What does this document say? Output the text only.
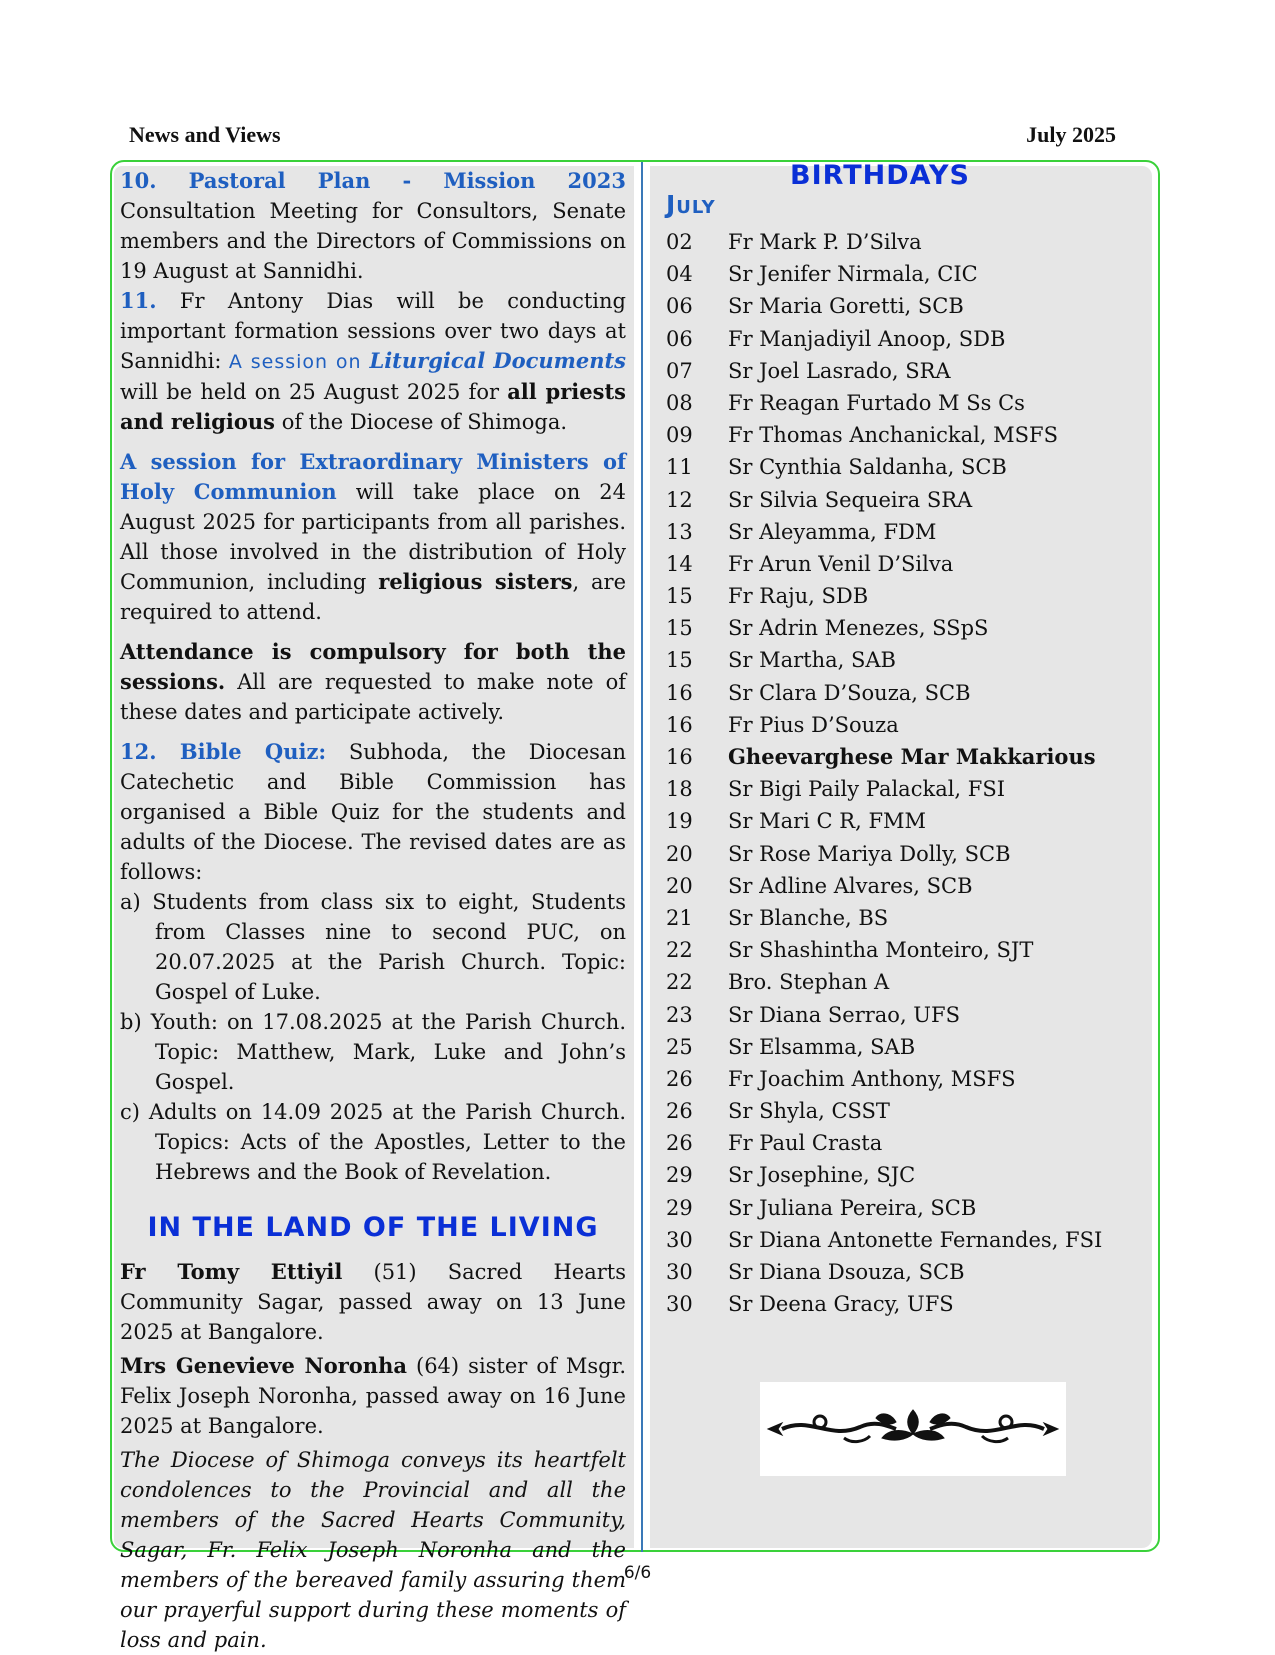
News and Views	July 2025

10. Pastoral Plan - Mission 2023 Consultation Meeting for Consultors, Senate members and the Directors of Commissions on 19 August at Sannidhi.

11. Fr Antony Dias will be conducting important formation sessions over two days at Sannidhi: A session on Liturgical Documents will be held on 25 August 2025 for all priests and religious of the Diocese of Shimoga.

A session for Extraordinary Ministers of Holy Communion will take place on 24 August 2025 for participants from all parishes. All those involved in the distribution of Holy Communion, including religious sisters, are required to attend.

Attendance is compulsory for both the sessions. All are requested to make note of these dates and participate actively.

12. Bible Quiz: Subhoda, the Diocesan Catechetic and Bible Commission has organised a Bible Quiz for the students and adults of the Diocese. The revised dates are as follows:

a) Students from class six to eight, Students from Classes nine to second PUC, on 20.07.2025 at the Parish Church. Topic: Gospel of Luke.
b) Youth: on 17.08.2025 at the Parish Church. Topic: Matthew, Mark, Luke and John’s Gospel.
c) Adults on 14.09 2025 at the Parish Church. Topics: Acts of the Apostles, Letter to the Hebrews and the Book of Revelation.
IN THE LAND OF THE LIVING

Fr Tomy Ettiyil (51) Sacred Hearts Community Sagar, passed away on 13 June 2025 at Bangalore.

Mrs Genevieve Noronha (64) sister of Msgr. Felix Joseph Noronha, passed away on 16 June 2025 at Bangalore.

The Diocese of Shimoga conveys its heartfelt condolences to the Provincial and all the members of the Sacred Hearts Community, Sagar, Fr. Felix Joseph Noronha and the members of the bereaved family assuring them our prayerful support during these moments of loss and pain.

BIRTHDAYS
July
02 Fr Mark P. D’Silva
04 Sr Jenifer Nirmala, CIC
06 Sr Maria Goretti, SCB
06 Fr Manjadiyil Anoop, SDB
07 Sr Joel Lasrado, SRA
08 Fr Reagan Furtado M Ss Cs
09 Fr Thomas Anchanickal, MSFS
11 Sr Cynthia Saldanha, SCB
12 Sr Silvia Sequeira SRA
13 Sr Aleyamma, FDM
14 Fr Arun Venil D’Silva
15 Fr Raju, SDB
15 Sr Adrin Menezes, SSpS
15 Sr Martha, SAB
16 Sr Clara D’Souza, SCB
16 Fr Pius D’Souza
16 Gheevarghese Mar Makkarious
18 Sr Bigi Paily Palackal, FSI
19 Sr Mari C R, FMM
20 Sr Rose Mariya Dolly, SCB
20 Sr Adline Alvares, SCB
21 Sr Blanche, BS
22 Sr Shashintha Monteiro, SJT
22 Bro. Stephan A
23 Sr Diana Serrao, UFS
25 Sr Elsamma, SAB
26 Fr Joachim Anthony, MSFS
26 Sr Shyla, CSST
26 Fr Paul Crasta
29 Sr Josephine, SJC
29 Sr Juliana Pereira, SCB
30 Sr Diana Antonette Fernandes, FSI
30 Sr Diana Dsouza, SCB
30 Sr Deena Gracy, UFS
6/6
